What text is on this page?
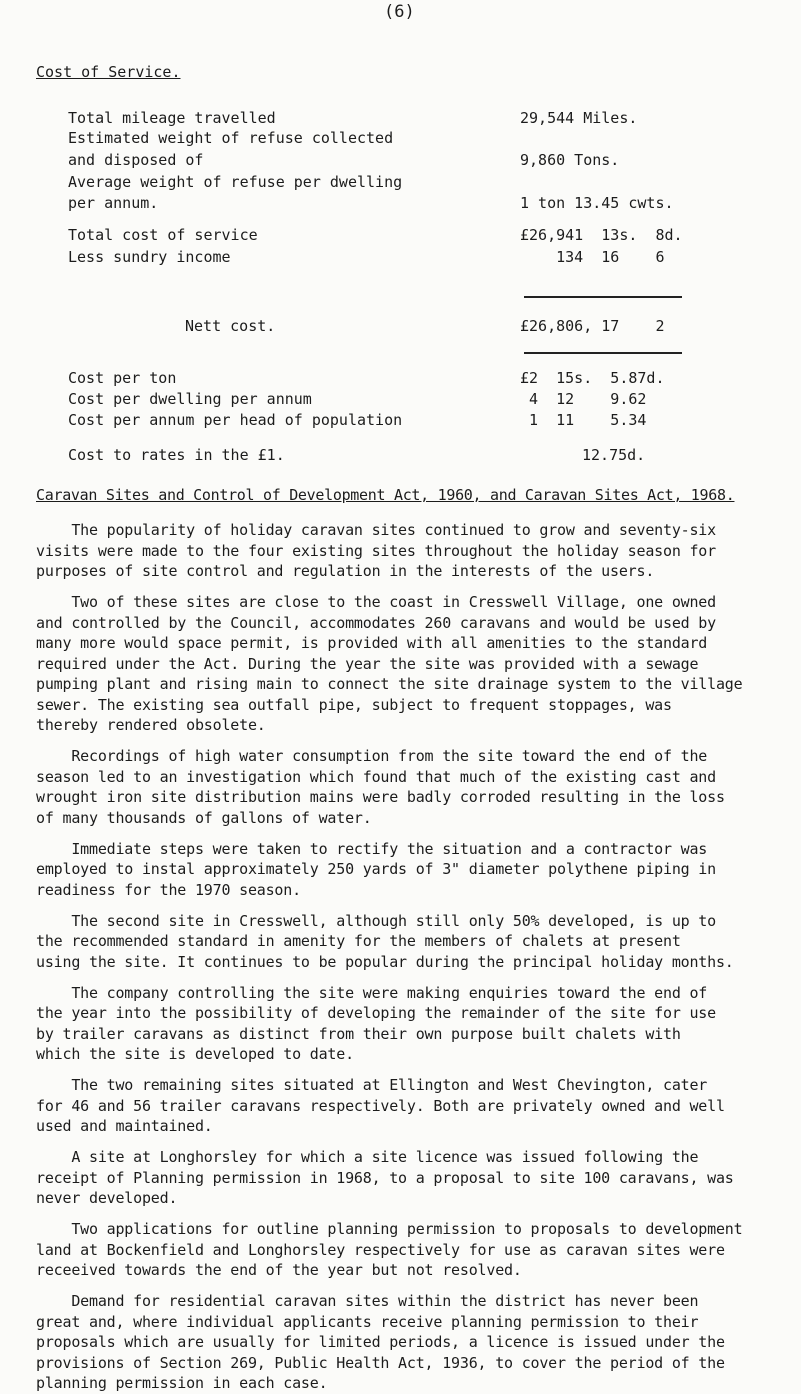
(6)
Cost of Service.
Total mileage travelled	29,544 Miles.
Estimated weight of refuse collected
and disposed of	9,860 Tons.
Average weight of refuse per dwelling
per annum.	1 ton 13.45 cwts.
Total cost of service	£26,941  13s.  8d.
Less sundry income	134  16    6
Nett cost.	£26,806, 17    2
Cost per ton	£2  15s.  5.87d.
Cost per dwelling per annum	4  12    9.62
Cost per annum per head of population	1  11    5.34
Cost to rates in the £1.	12.75d.
Caravan Sites and Control of Development Act, 1960, and Caravan Sites Act, 1968.
The popularity of holiday caravan sites continued to grow and seventy-six
visits were made to the four existing sites throughout the holiday season for
purposes of site control and regulation in the interests of the users.
Two of these sites are close to the coast in Cresswell Village, one owned
and controlled by the Council, accommodates 260 caravans and would be used by
many more would space permit, is provided with all amenities to the standard
required under the Act. During the year the site was provided with a sewage
pumping plant and rising main to connect the site drainage system to the village
sewer. The existing sea outfall pipe, subject to frequent stoppages, was
thereby rendered obsolete.
Recordings of high water consumption from the site toward the end of the
season led to an investigation which found that much of the existing cast and
wrought iron site distribution mains were badly corroded resulting in the loss
of many thousands of gallons of water.
Immediate steps were taken to rectify the situation and a contractor was
employed to instal approximately 250 yards of 3" diameter polythene piping in
readiness for the 1970 season.
The second site in Cresswell, although still only 50% developed, is up to
the recommended standard in amenity for the members of chalets at present
using the site. It continues to be popular during the principal holiday months.
The company controlling the site were making enquiries toward the end of
the year into the possibility of developing the remainder of the site for use
by trailer caravans as distinct from their own purpose built chalets with
which the site is developed to date.
The two remaining sites situated at Ellington and West Chevington, cater
for 46 and 56 trailer caravans respectively. Both are privately owned and well
used and maintained.
A site at Longhorsley for which a site licence was issued following the
receipt of Planning permission in 1968, to a proposal to site 100 caravans, was
never developed.
Two applications for outline planning permission to proposals to development
land at Bockenfield and Longhorsley respectively for use as caravan sites were
receeived towards the end of the year but not resolved.
Demand for residential caravan sites within the district has never been
great and, where individual applicants receive planning permission to their
proposals which are usually for limited periods, a licence is issued under the
provisions of Section 269, Public Health Act, 1936, to cover the period of the
planning permission in each case.
